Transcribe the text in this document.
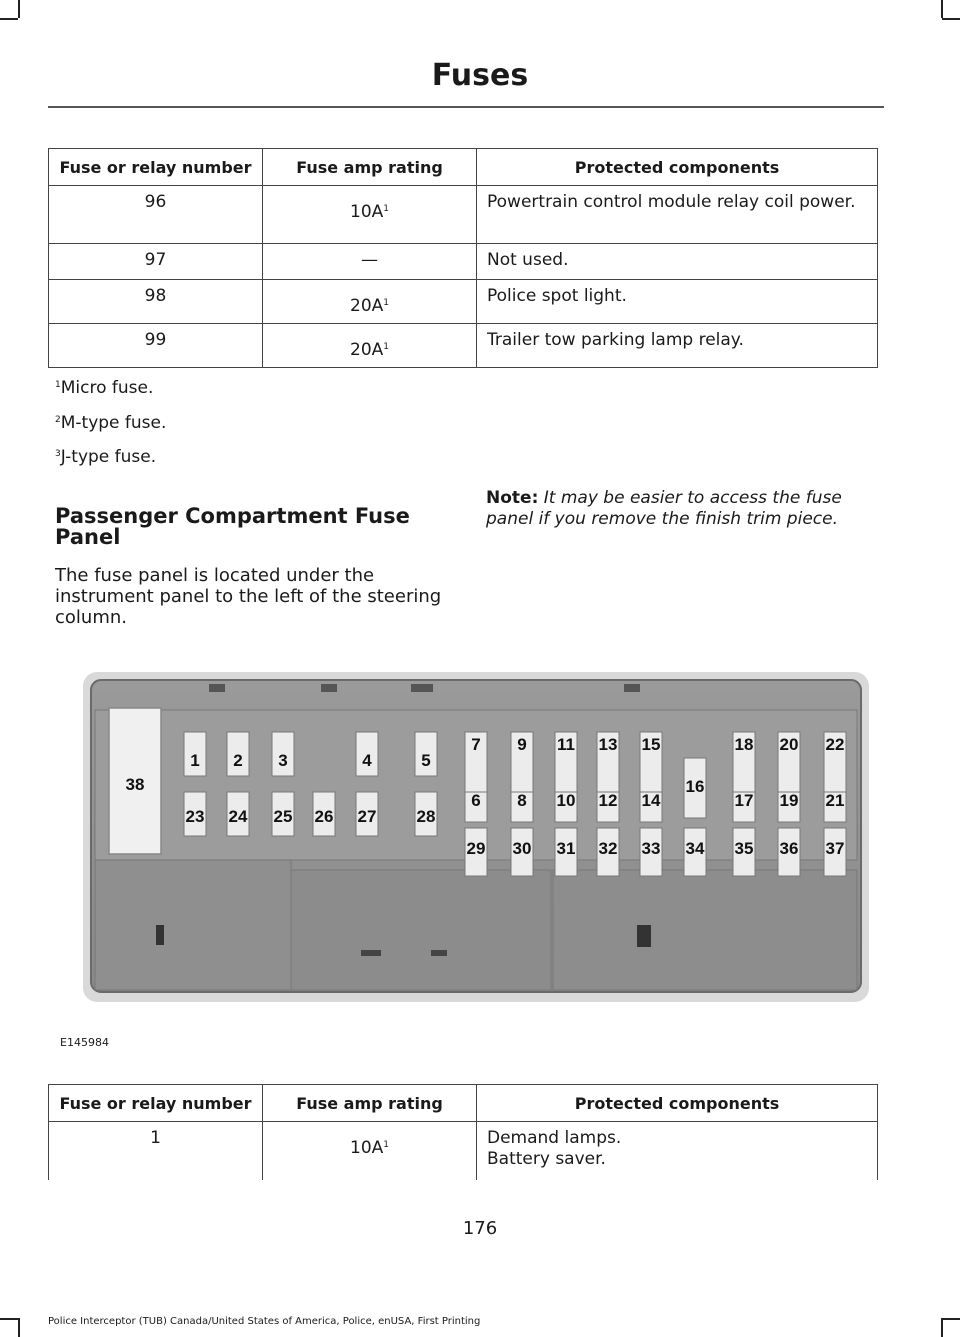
Fuses
Fuse or relay number	Fuse amp rating	Protected components
96	$10A^1$	Powertrain control module relay coil power.
97	—	Not used.
98	$20A^1$	Police spot light.
99	$20A^1$	Trailer tow parking lamp relay.
$^1$Micro fuse.
$^2$M-type fuse.
$^3$J-type fuse.
Passenger Compartment Fuse Panel
The fuse panel is located under the instrument panel to the left of the steering column.
Note: It may be easier to access the fuse panel if you remove the finish trim piece.
38
1 2 3	4	5
23 24 25 26 27 28
7 9 11 13 15	18 20 22
16
6 8 10 12 14	17 19 21
29 30 31 32 33 34 35 36 37
E145984
Fuse or relay number	Fuse amp rating	Protected components
1	$10A^1$	Demand lamps.
Battery saver.
176
Police Interceptor (TUB) Canada/United States of America, Police, enUSA, First Printing
